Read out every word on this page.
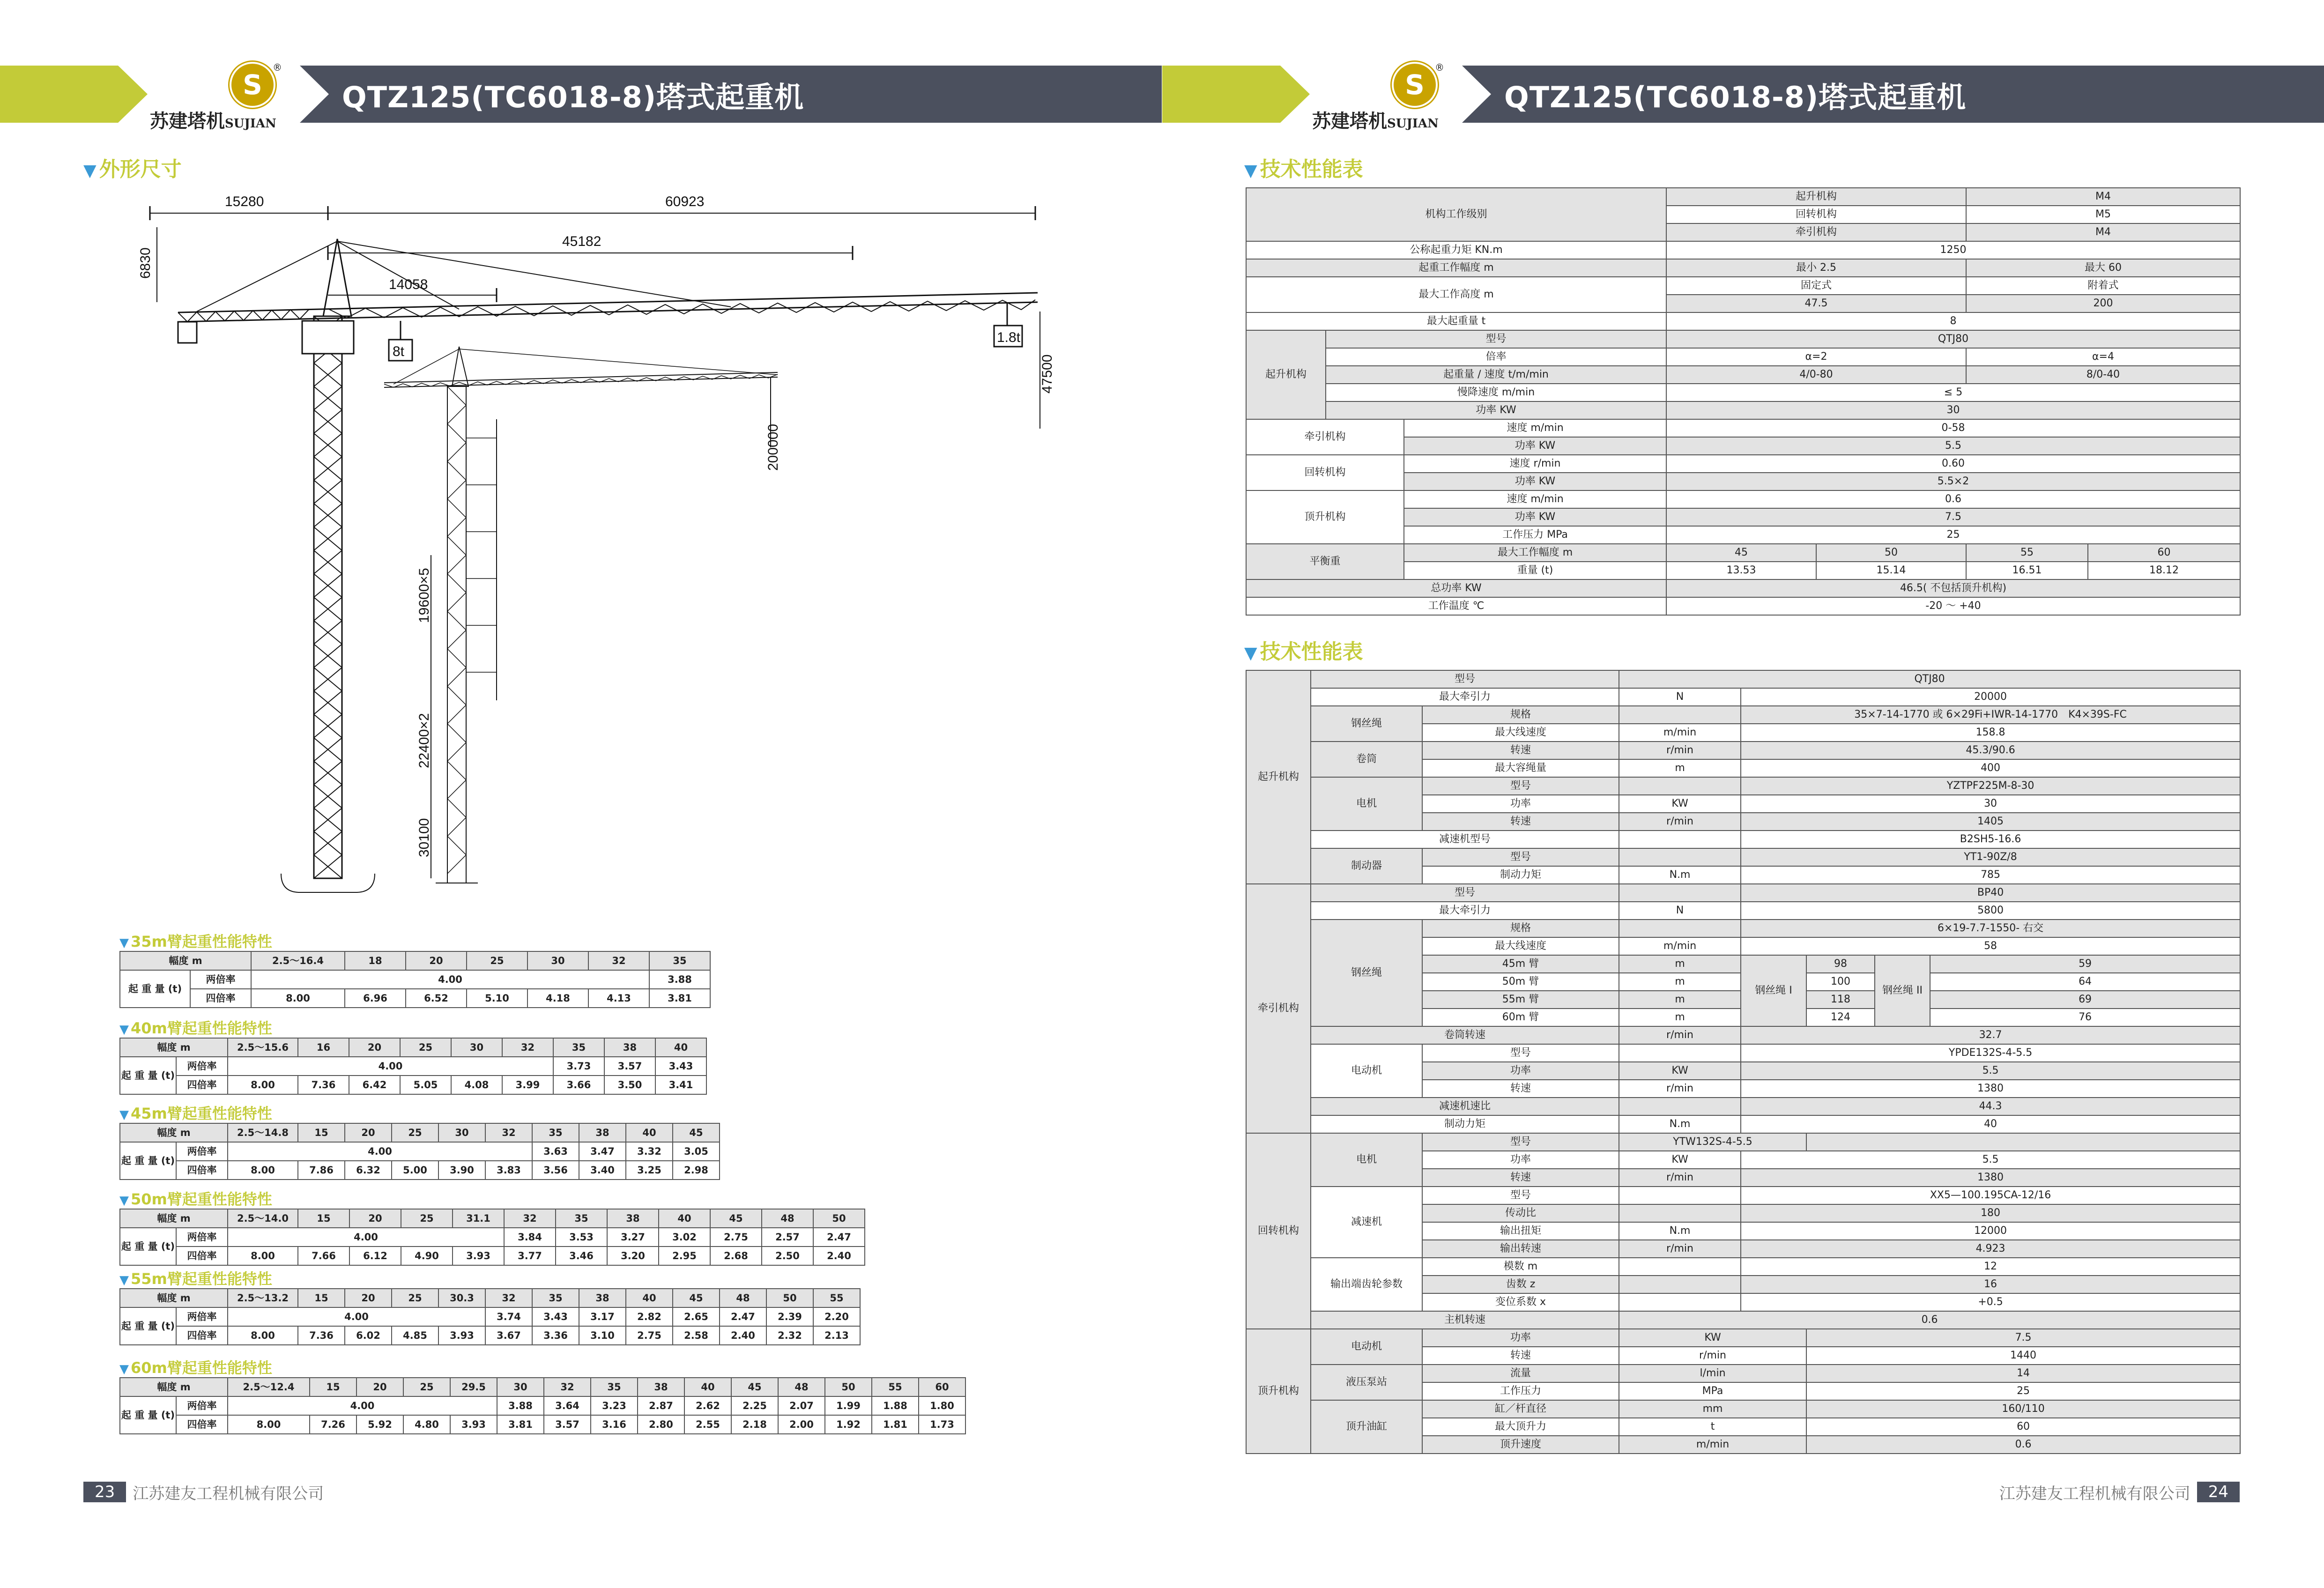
QTZ125(TC6018-8)塔式起重机
S
®
苏建塔机SUJIAN
▼ 外形尺寸
15280	60923
45182
14058
6830
47500
200000
19600×5
22400×2
30100
8t
1.8t
▼ 35m臂起重性能特性
幅度 m		2.5～16.4	18	20	25	30	32	35
起 重 量 (t)	两倍率	4.00						3.88
	四倍率	8.00	6.96	6.52	5.10	4.18	4.13	3.81
▼ 40m臂起重性能特性
幅度 m		2.5～15.6	16	20	25	30	32	35	38	40
起 重 量 (t)	两倍率	4.00						3.73	3.57	3.43
	四倍率	8.00	7.36	6.42	5.05	4.08	3.99	3.66	3.50	3.41
▼ 45m臂起重性能特性
幅度 m		2.5～14.8	15	20	25	30	32	35	38	40	45
起 重 量 (t)	两倍率	4.00						3.63	3.47	3.32	3.05
	四倍率	8.00	7.86	6.32	5.00	3.90	3.83	3.56	3.40	3.25	2.98
▼ 50m臂起重性能特性
幅度 m		2.5～14.0	15	20	25	31.1	32	35	38	40	45	48	50
起 重 量 (t)	两倍率	4.00					3.84	3.53	3.27	3.02	2.75	2.57	2.47
	四倍率	8.00	7.66	6.12	4.90	3.93	3.77	3.46	3.20	2.95	2.68	2.50	2.40
▼ 55m臂起重性能特性
幅度 m		2.5～13.2	15	20	25	30.3	32	35	38	40	45	48	50	55
起 重 量 (t)	两倍率	4.00					3.74	3.43	3.17	2.82	2.65	2.47	2.39	2.20
	四倍率	8.00	7.36	6.02	4.85	3.93	3.67	3.36	3.10	2.75	2.58	2.40	2.32	2.13
▼ 60m臂起重性能特性
幅度 m		2.5～12.4	15	20	25	29.5	30	32	35	38	40	45	48	50	55	60
起 重 量 (t)	两倍率	4.00					3.88	3.64	3.23	2.87	2.62	2.25	2.07	1.99	1.88	1.80
	四倍率	8.00	7.26	5.92	4.80	3.93	3.81	3.57	3.16	2.80	2.55	2.18	2.00	1.92	1.81	1.73
23	江苏建友工程机械有限公司
QTZ125(TC6018-8)塔式起重机
S
®
苏建塔机SUJIAN
▼ 技术性能表
机构工作级别			起升机构		M4	
			回转机构		M5	
			牵引机构		M4	
公称起重力矩 KN.m			1250			
起重工作幅度 m			最小 2.5		最大 60	
最大工作高度 m			固定式		附着式	
			47.5		200	
最大起重量 t			8			
起升机构	型号		QTJ80			
	倍率		α=2		α=4	
	起重量 / 速度 t/m/min		4/0-80		8/0-40	
	慢降速度 m/min		≤ 5			
	功率 KW		30			
牵引机构		速度 m/min	0-58			
		功率 KW	5.5			
回转机构		速度 r/min	0.60			
		功率 KW	5.5×2			
顶升机构		速度 m/min	0.6			
		功率 KW	7.5			
		工作压力 MPa	25			
平衡重		最大工作幅度 m	45	50	55	60
		重量 (t)	13.53	15.14	16.51	18.12
总功率 KW			46.5( 不包括顶升机构)			
工作温度 ℃			-20 ～ +40			
▼ 技术性能表
起升机构	型号		QTJ80				
	最大牵引力		N	20000			
	钢丝绳	规格		35×7-14-1770 或 6×29Fi+IWR-14-1770　K4×39S-FC			
		最大线速度	m/min	158.8			
	卷筒	转速	r/min	45.3/90.6			
		最大容绳量	m	400			
	电机	型号		YZTPF225M-8-30			
		功率	KW	30			
		转速	r/min	1405			
	减速机型号			B2SH5-16.6			
	制动器	型号		YT1-90Z/8			
		制动力矩	N.m	785			
牵引机构	型号			BP40			
	最大牵引力		N	5800			
	钢丝绳	规格		6×19-7.7-1550- 右交			
		最大线速度	m/min	58			
		45m 臂	m	钢丝绳 I	98	钢丝绳 II	59
		50m 臂	m		100		64
		55m 臂	m		118		69
		60m 臂	m		124		76
	卷筒转速		r/min	32.7			
	电动机	型号		YPDE132S-4-5.5			
		功率	KW	5.5			
		转速	r/min	1380			
	减速机速比			44.3			
	制动力矩		N.m	40			
回转机构	电机	型号	YTW132S-4-5.5				
		功率	KW	5.5			
		转速	r/min	1380			
	减速机	型号		XX5—100.195CA-12/16			
		传动比		180			
		输出扭矩	N.m	12000			
		输出转速	r/min	4.923			
	输出端齿轮参数	模数 m		12			
		齿数 z		16			
		变位系数 x		+0.5			
	主机转速		0.6				
顶升机构	电动机	功率	KW		7.5		
		转速	r/min		1440		
	液压泵站	流量	l/min		14		
		工作压力	MPa		25		
	顶升油缸	缸／杆直径	mm		160/110		
		最大顶升力	t		60		
		顶升速度	m/min		0.6		
江苏建友工程机械有限公司	24
